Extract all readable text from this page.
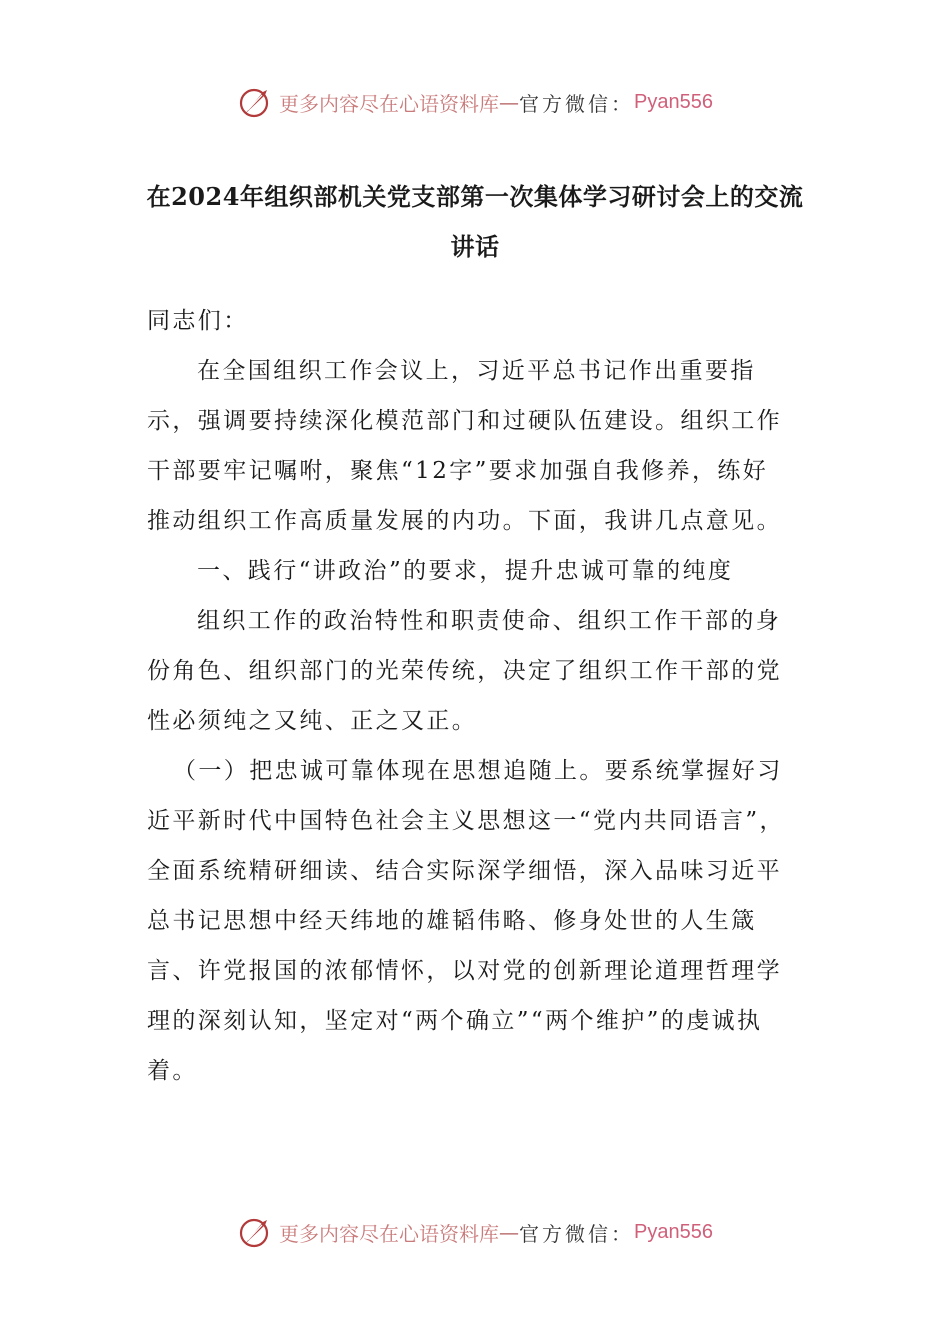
更多内容尽在心语资料库 — 官方微信： Pyan556
在2024年组织部机关党支部第一次集体学习研讨会上的交流讲话

同志们：

在全国组织工作会议上，习近平总书记作出重要指示，强调要持续深化模范部门和过硬队伍建设。组织工作干部要牢记嘱咐，聚焦“12字”要求加强自我修养，练好推动组织工作高质量发展的内功。下面，我讲几点意见。

一、践行“讲政治”的要求，提升忠诚可靠的纯度

组织工作的政治特性和职责使命、组织工作干部的身份角色、组织部门的光荣传统，决定了组织工作干部的党性必须纯之又纯、正之又正。

（一）把忠诚可靠体现在思想追随上。要系统掌握好习近平新时代中国特色社会主义思想这一“党内共同语言”，全面系统精研细读、结合实际深学细悟，深入品味习近平总书记思想中经天纬地的雄韬伟略、修身处世的人生箴言、许党报国的浓郁情怀，以对党的创新理论道理哲理学理的深刻认知，坚定对“两个确立”“两个维护”的虔诚执着。

更多内容尽在心语资料库 — 官方微信： Pyan556
